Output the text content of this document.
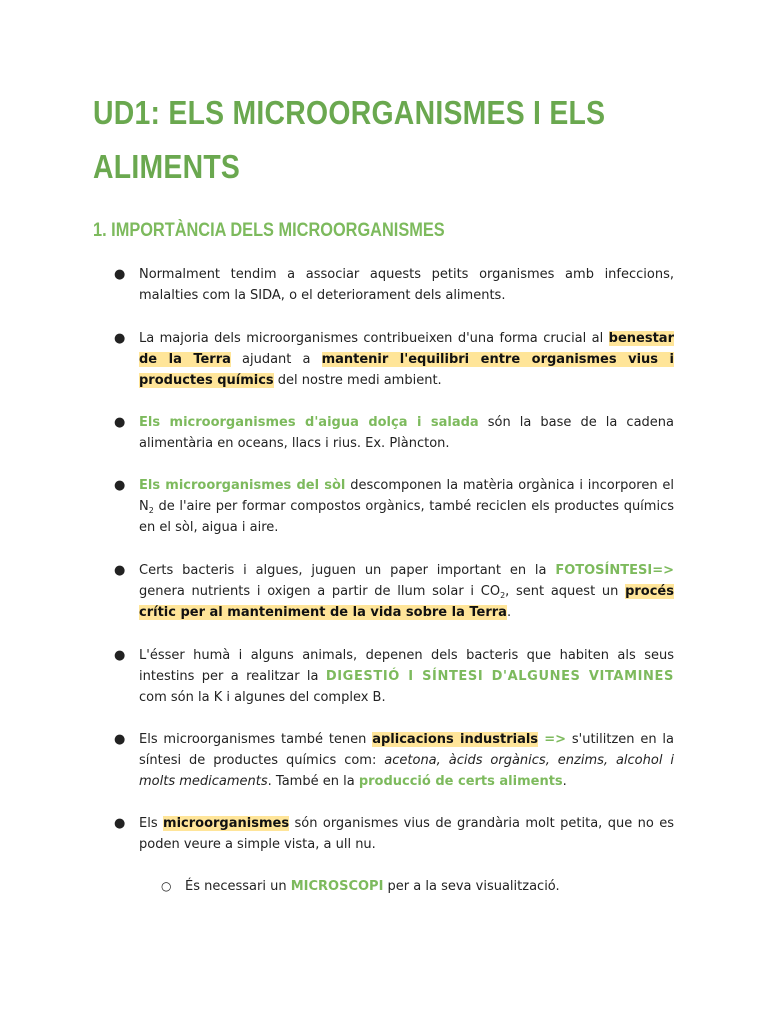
UD1: ELS MICROORGANISMES I ELS ALIMENTS
1. IMPORTÀNCIA DELS MICROORGANISMES
● Normalment tendim a associar aquests petits organismes amb infeccions, malalties com la SIDA, o el deteriorament dels aliments.
● La majoria dels microorganismes contribueixen d'una forma crucial al benestar de la Terra ajudant a mantenir l'equilibri entre organismes vius i productes químics del nostre medi ambient.
● Els microorganismes d'aigua dolça i salada són la base de la cadena alimentària en oceans, llacs i rius. Ex. Plàncton.
● Els microorganismes del sòl descomponen la matèria orgànica i incorporen el $N_2$ de l'aire per formar compostos orgànics, també reciclen els productes químics en el sòl, aigua i aire.
● Certs bacteris i algues, juguen un paper important en la FOTOSÍNTESI=> genera nutrients i oxigen a partir de llum solar i $CO_2$, sent aquest un procés crític per al manteniment de la vida sobre la Terra.
● L'ésser humà i alguns animals, depenen dels bacteris que habiten als seus intestins per a realitzar la DIGESTIÓ I SÍNTESI D'ALGUNES VITAMINES com són la K i algunes del complex B.
● Els microorganismes també tenen aplicacions industrials => s'utilitzen en la síntesi de productes químics com: acetona, àcids orgànics, enzims, alcohol i molts medicaments. També en la producció de certs aliments.
● Els microorganismes són organismes vius de grandària molt petita, que no es poden veure a simple vista, a ull nu.
○ És necessari un MICROSCOPI per a la seva visualització.
